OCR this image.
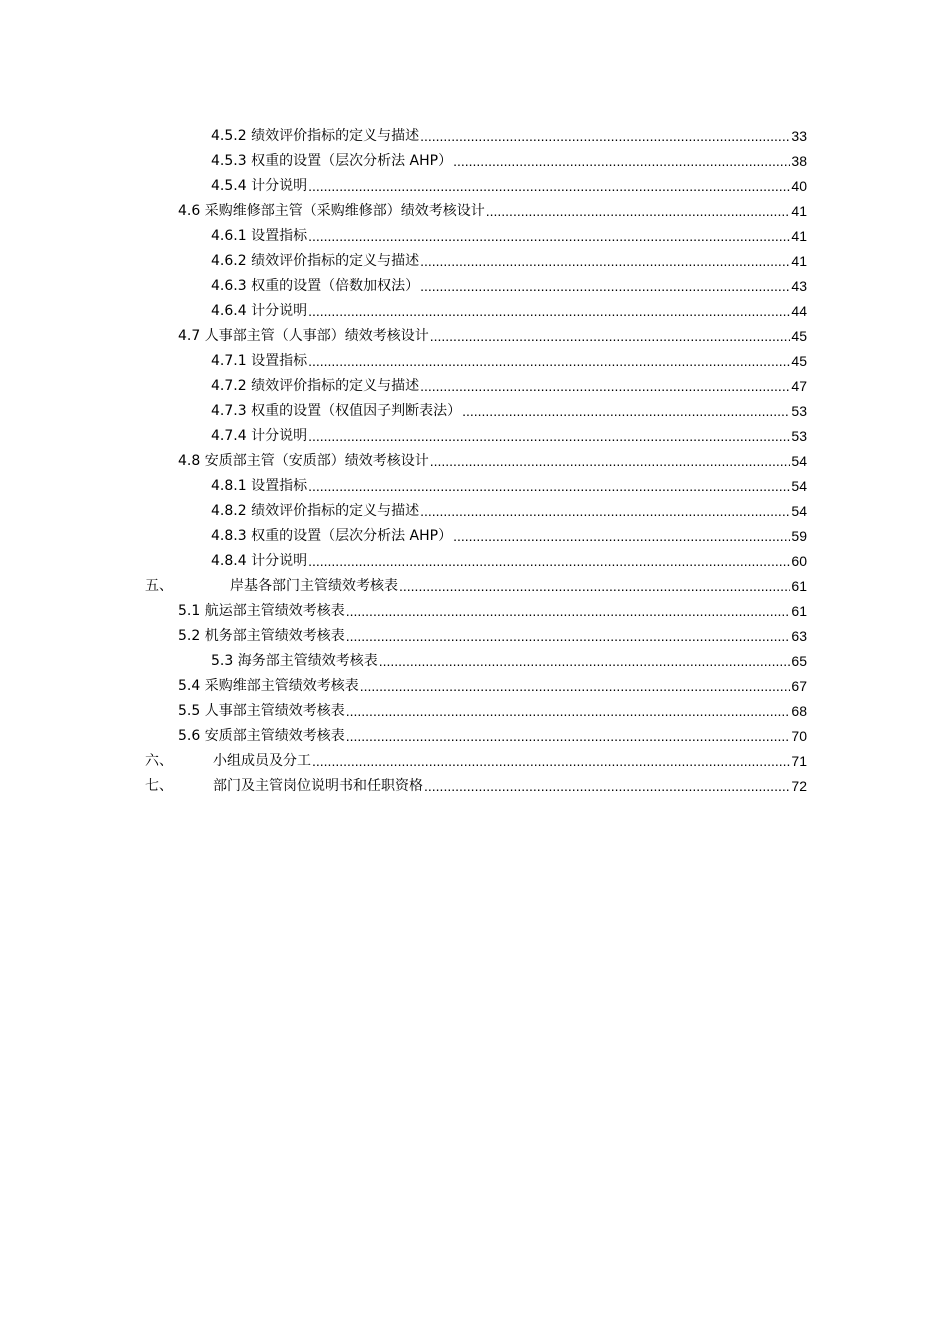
4.5.2 绩效评价指标的定义与描述 .....	33
4.5.3 权重的设置（层次分析法 AHP） .....	38
4.5.4 计分说明 .....	40
4.6 采购维修部主管（采购维修部）绩效考核设计 .....	41
4.6.1 设置指标 .....	41
4.6.2 绩效评价指标的定义与描述 .....	41
4.6.3 权重的设置（倍数加权法） .....	43
4.6.4 计分说明 .....	44
4.7 人事部主管（人事部）绩效考核设计 .....	45
4.7.1 设置指标 .....	45
4.7.2 绩效评价指标的定义与描述 .....	47
4.7.3 权重的设置（权值因子判断表法） .....	53
4.7.4 计分说明 .....	53
4.8 安质部主管（安质部）绩效考核设计 .....	54
4.8.1 设置指标 .....	54
4.8.2 绩效评价指标的定义与描述 .....	54
4.8.3 权重的设置（层次分析法 AHP） .....	59
4.8.4 计分说明 .....	60
五、	岸基各部门主管绩效考核表 .....	61
5.1 航运部主管绩效考核表 .....	61
5.2 机务部主管绩效考核表 .....	63
5.3 海务部主管绩效考核表 .....	65
5.4 采购维部主管绩效考核表 .....	67
5.5 人事部主管绩效考核表 .....	68
5.6 安质部主管绩效考核表 .....	70
六、	小组成员及分工 .....	71
七、	部门及主管岗位说明书和任职资格 .....	72
